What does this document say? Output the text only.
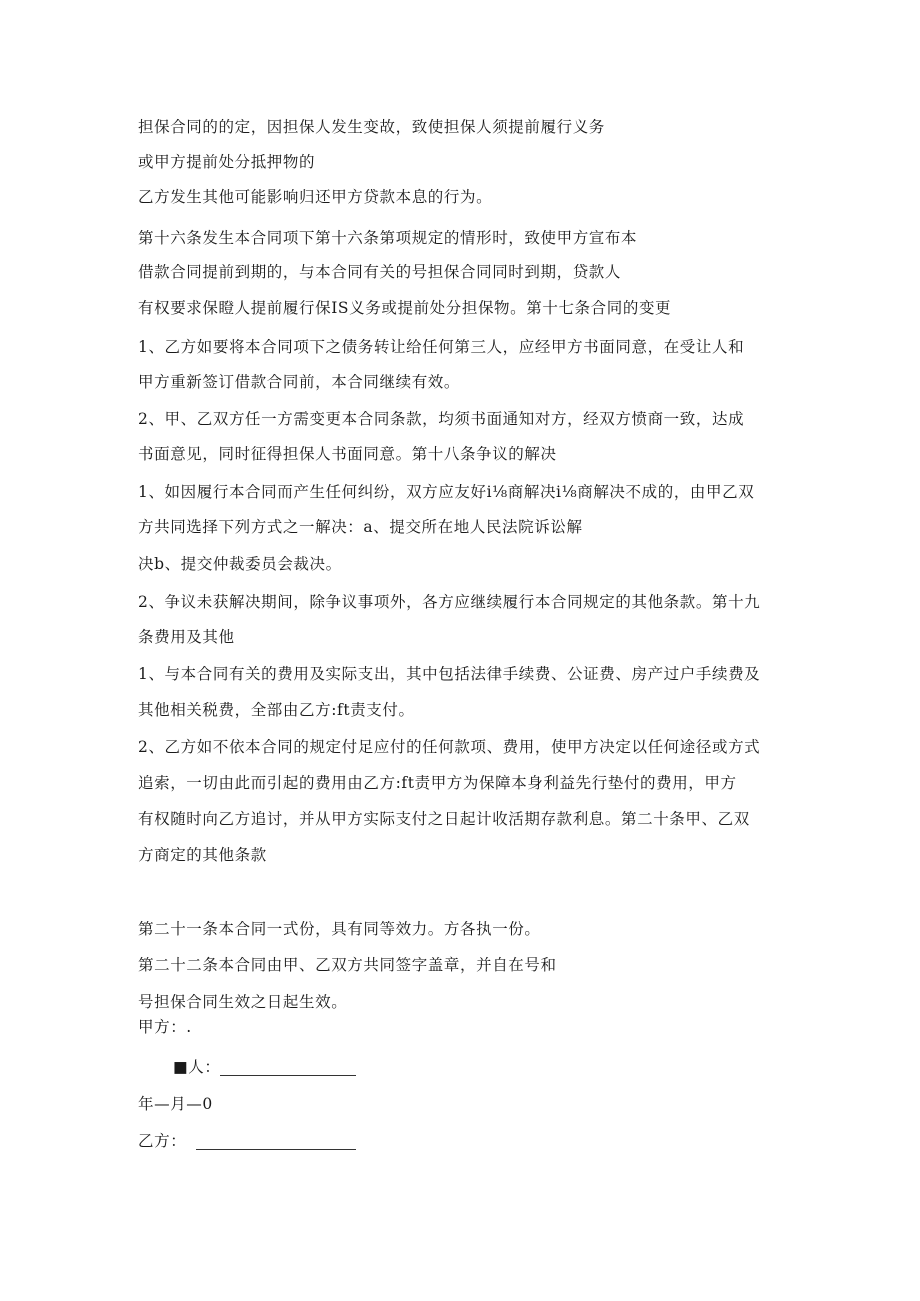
担保合同的的定，因担保人发生变故，致使担保人须提前履行义务
或甲方提前处分抵押物的
乙方发生其他可能影响归还甲方贷款本息的行为。
第十六条发生本合同项下第十六条第项规定的情形时，致使甲方宣布本
借款合同提前到期的，与本合同有关的号担保合同同时到期，贷款人
有权要求保瞪人提前履行保IS义务或提前处分担保物。第十七条合同的变更
1、乙方如要将本合同项下之债务转让给任何第三人，应经甲方书面同意，在受让人和
甲方重新签订借款合同前，本合同继续有效。
2、甲、乙双方任一方需变更本合同条款，均须书面通知对方，经双方愤商一致，达成
书面意见，同时征得担保人书面同意。第十八条争议的解决
1、如因履行本合同而产生任何纠纷，双方应友好i⅛商解决i⅛商解决不成的，由甲乙双
方共同选择下列方式之一解决：a、提交所在地人民法院诉讼解
决b、提交仲裁委员会裁决。
2、争议未获解决期间，除争议事项外，各方应继续履行本合同规定的其他条款。第十九
条费用及其他
1、与本合同有关的费用及实际支出，其中包括法律手续费、公证费、房产过户手续费及
其他相关税费，全部由乙方:ft责支付。
2、乙方如不依本合同的规定付足应付的任何款项、费用，使甲方决定以任何途径或方式
追索，一切由此而引起的费用由乙方:ft责甲方为保障本身利益先行垫付的费用，甲方
有权随时向乙方追讨，并从甲方实际支付之日起计收活期存款利息。第二十条甲、乙双
方商定的其他条款
第二十一条本合同一式份，具有同等效力。方各执一份。
第二十二条本合同由甲、乙双方共同签字盖章，并自在号和
号担保合同生效之日起生效。
甲方：.
■人：
年—月—0
乙方：
